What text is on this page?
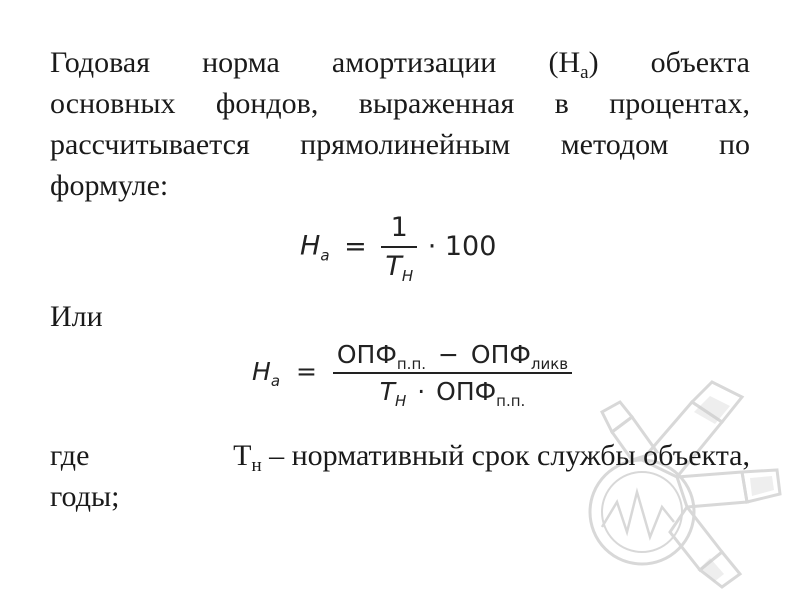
Годовая норма амортизации $(Н_а)$ объекта
основных фондов, выраженная в процентах,
рассчитывается прямолинейным методом по
формуле:
$H_a = \frac{1}{T_H} \cdot 100$
Или
$H_a = \frac{ОПФ_{п.п.} - ОПФ_{ликв}}{T_H \cdot ОПФ_{п.п.}}$
где	$Т_н$ – нормативный срок службы объекта,
годы;
